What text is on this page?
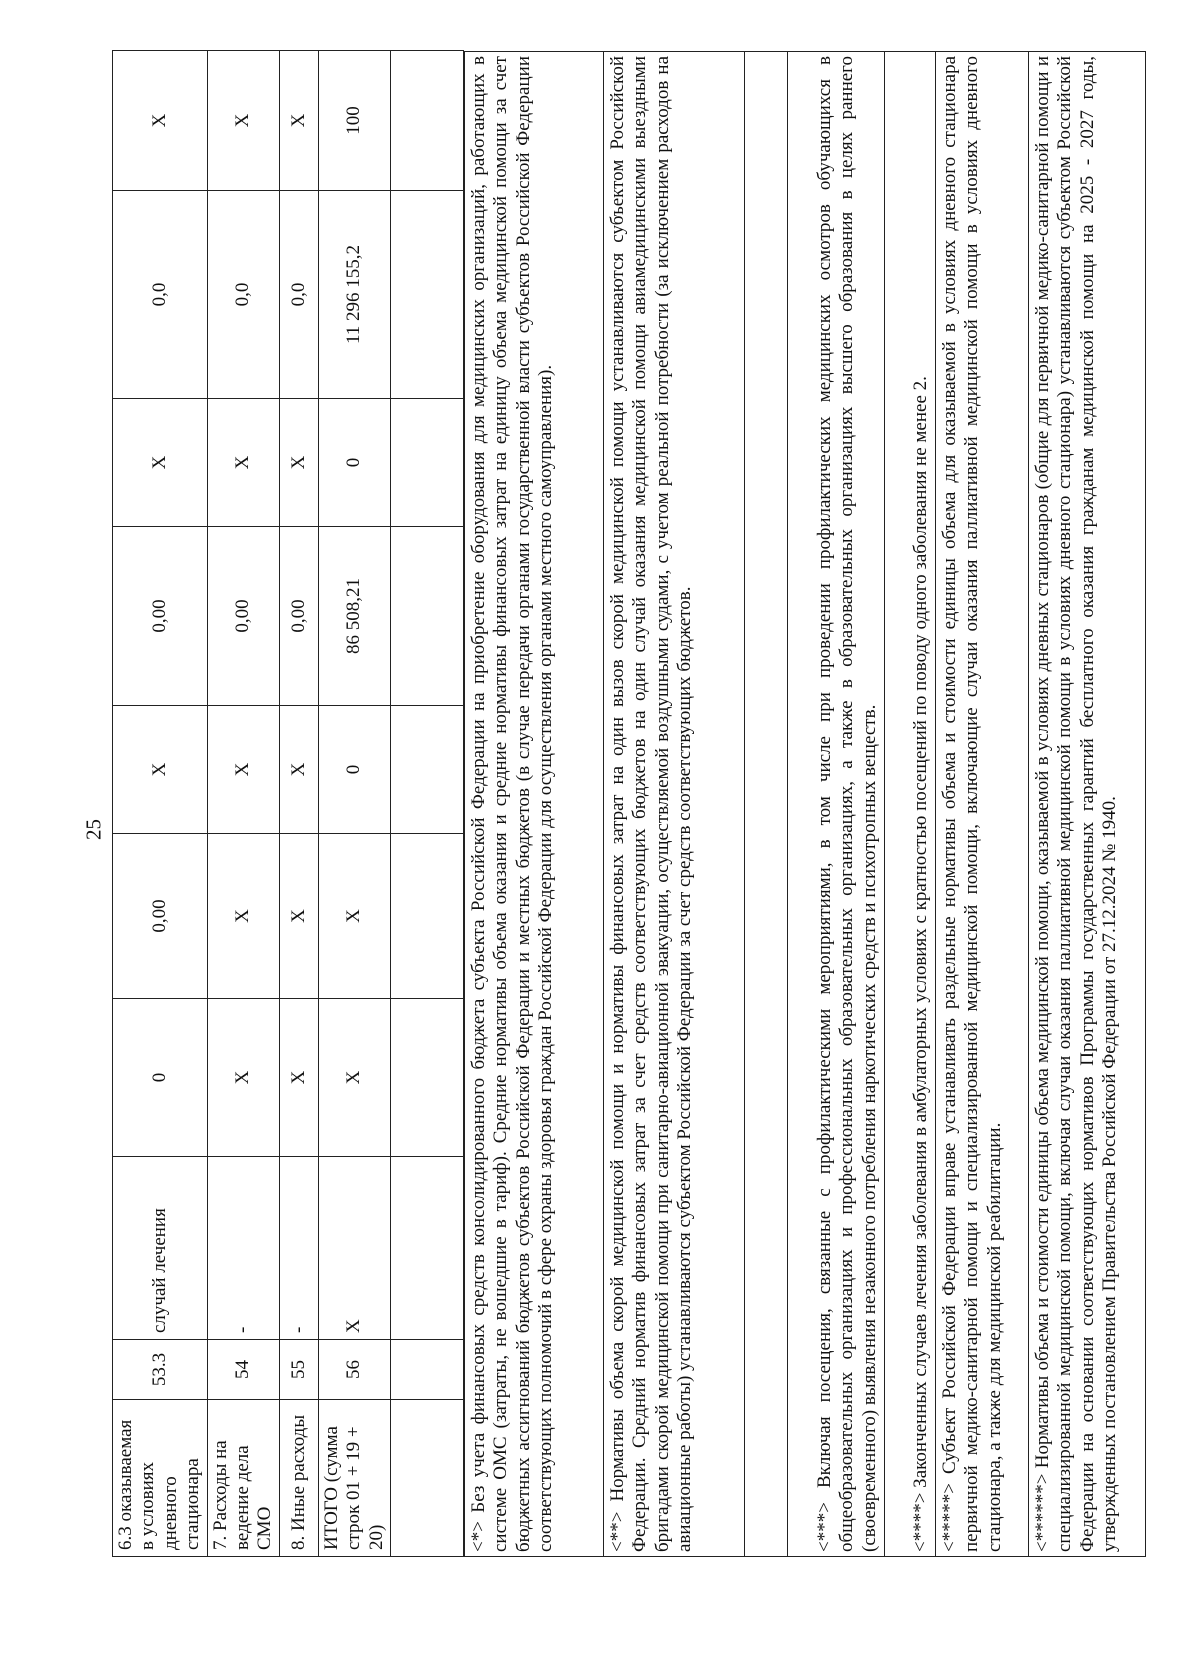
25
6.3 оказываемая в условиях дневного стационара	53.3	случай лечения	0	0,00	X	0,00	X	0,0	X
7. Расходы на ведение дела СМО	54	-	X	X	X	0,00	X	0,0	X
8. Иные расходы	55	-	X	X	X	0,00	X	0,0	X
ИТОГО (сумма строк 01 + 19 + 20)	56	X	X	X	0	86 508,21	0	11 296 155,2	100
										<*> Без учета финансовых средств консолидированного бюджета субъекта Российской Федерации на приобретение оборудования для медицинских организаций, работающих в системе ОМС (затраты, не вошедшие в тариф). Средние нормативы объема оказания и средние нормативы финансовых затрат на единицу объема медицинской помощи за счет бюджетных ассигнований бюджетов субъектов Российской Федерации и местных бюджетов (в случае передачи органами государственной власти субъектов Российской Федерации соответствующих полномочий в сфере охраны здоровья граждан Российской Федерации для осуществления органами местного самоуправления).
<**> Нормативы объема скорой медицинской помощи и нормативы финансовых затрат на один вызов скорой медицинской помощи устанавливаются субъектом Российской Федерации. Средний норматив финансовых затрат за счет средств соответствующих бюджетов на один случай оказания медицинской помощи авиамедицинскими выездными бригадами скорой медицинской помощи при санитарно-авиационной эвакуации, осуществляемой воздушными судами, с учетом реальной потребности (за исключением расходов на авиационные работы) устанавливаются субъектом Российской Федерации за счет средств соответствующих бюджетов.

<***> Включая посещения, связанные с профилактическими мероприятиями, в том числе при проведении профилактических медицинских осмотров обучающихся в общеобразовательных организациях и профессиональных образовательных организациях, а также в образовательных организациях высшего образования в целях раннего (своевременного) выявления незаконного потребления наркотических средств и психотропных веществ.
<****> Законченных случаев лечения заболевания в амбулаторных условиях с кратностью посещений по поводу одного заболевания не менее 2.
<*****> Субъект Российской Федерации вправе устанавливать раздельные нормативы объема и стоимости единицы объема для оказываемой в условиях дневного стационара первичной медико-санитарной помощи и специализированной медицинской помощи, включающие случаи оказания паллиативной медицинской помощи в условиях дневного стационара, а также для медицинской реабилитации.
<******> Нормативы объема и стоимости единицы объема медицинской помощи, оказываемой в условиях дневных стационаров (общие для первичной медико-санитарной помощи и специализированной медицинской помощи, включая случаи оказания паллиативной медицинской помощи в условиях дневного стационара) устанавливаются субъектом Российской Федерации на основании соответствующих нормативов Программы государственных гарантий бесплатного оказания гражданам медицинской помощи на 2025 - 2027 годы, утвержденных постановлением Правительства Российской Федерации от 27.12.2024 № 1940.
